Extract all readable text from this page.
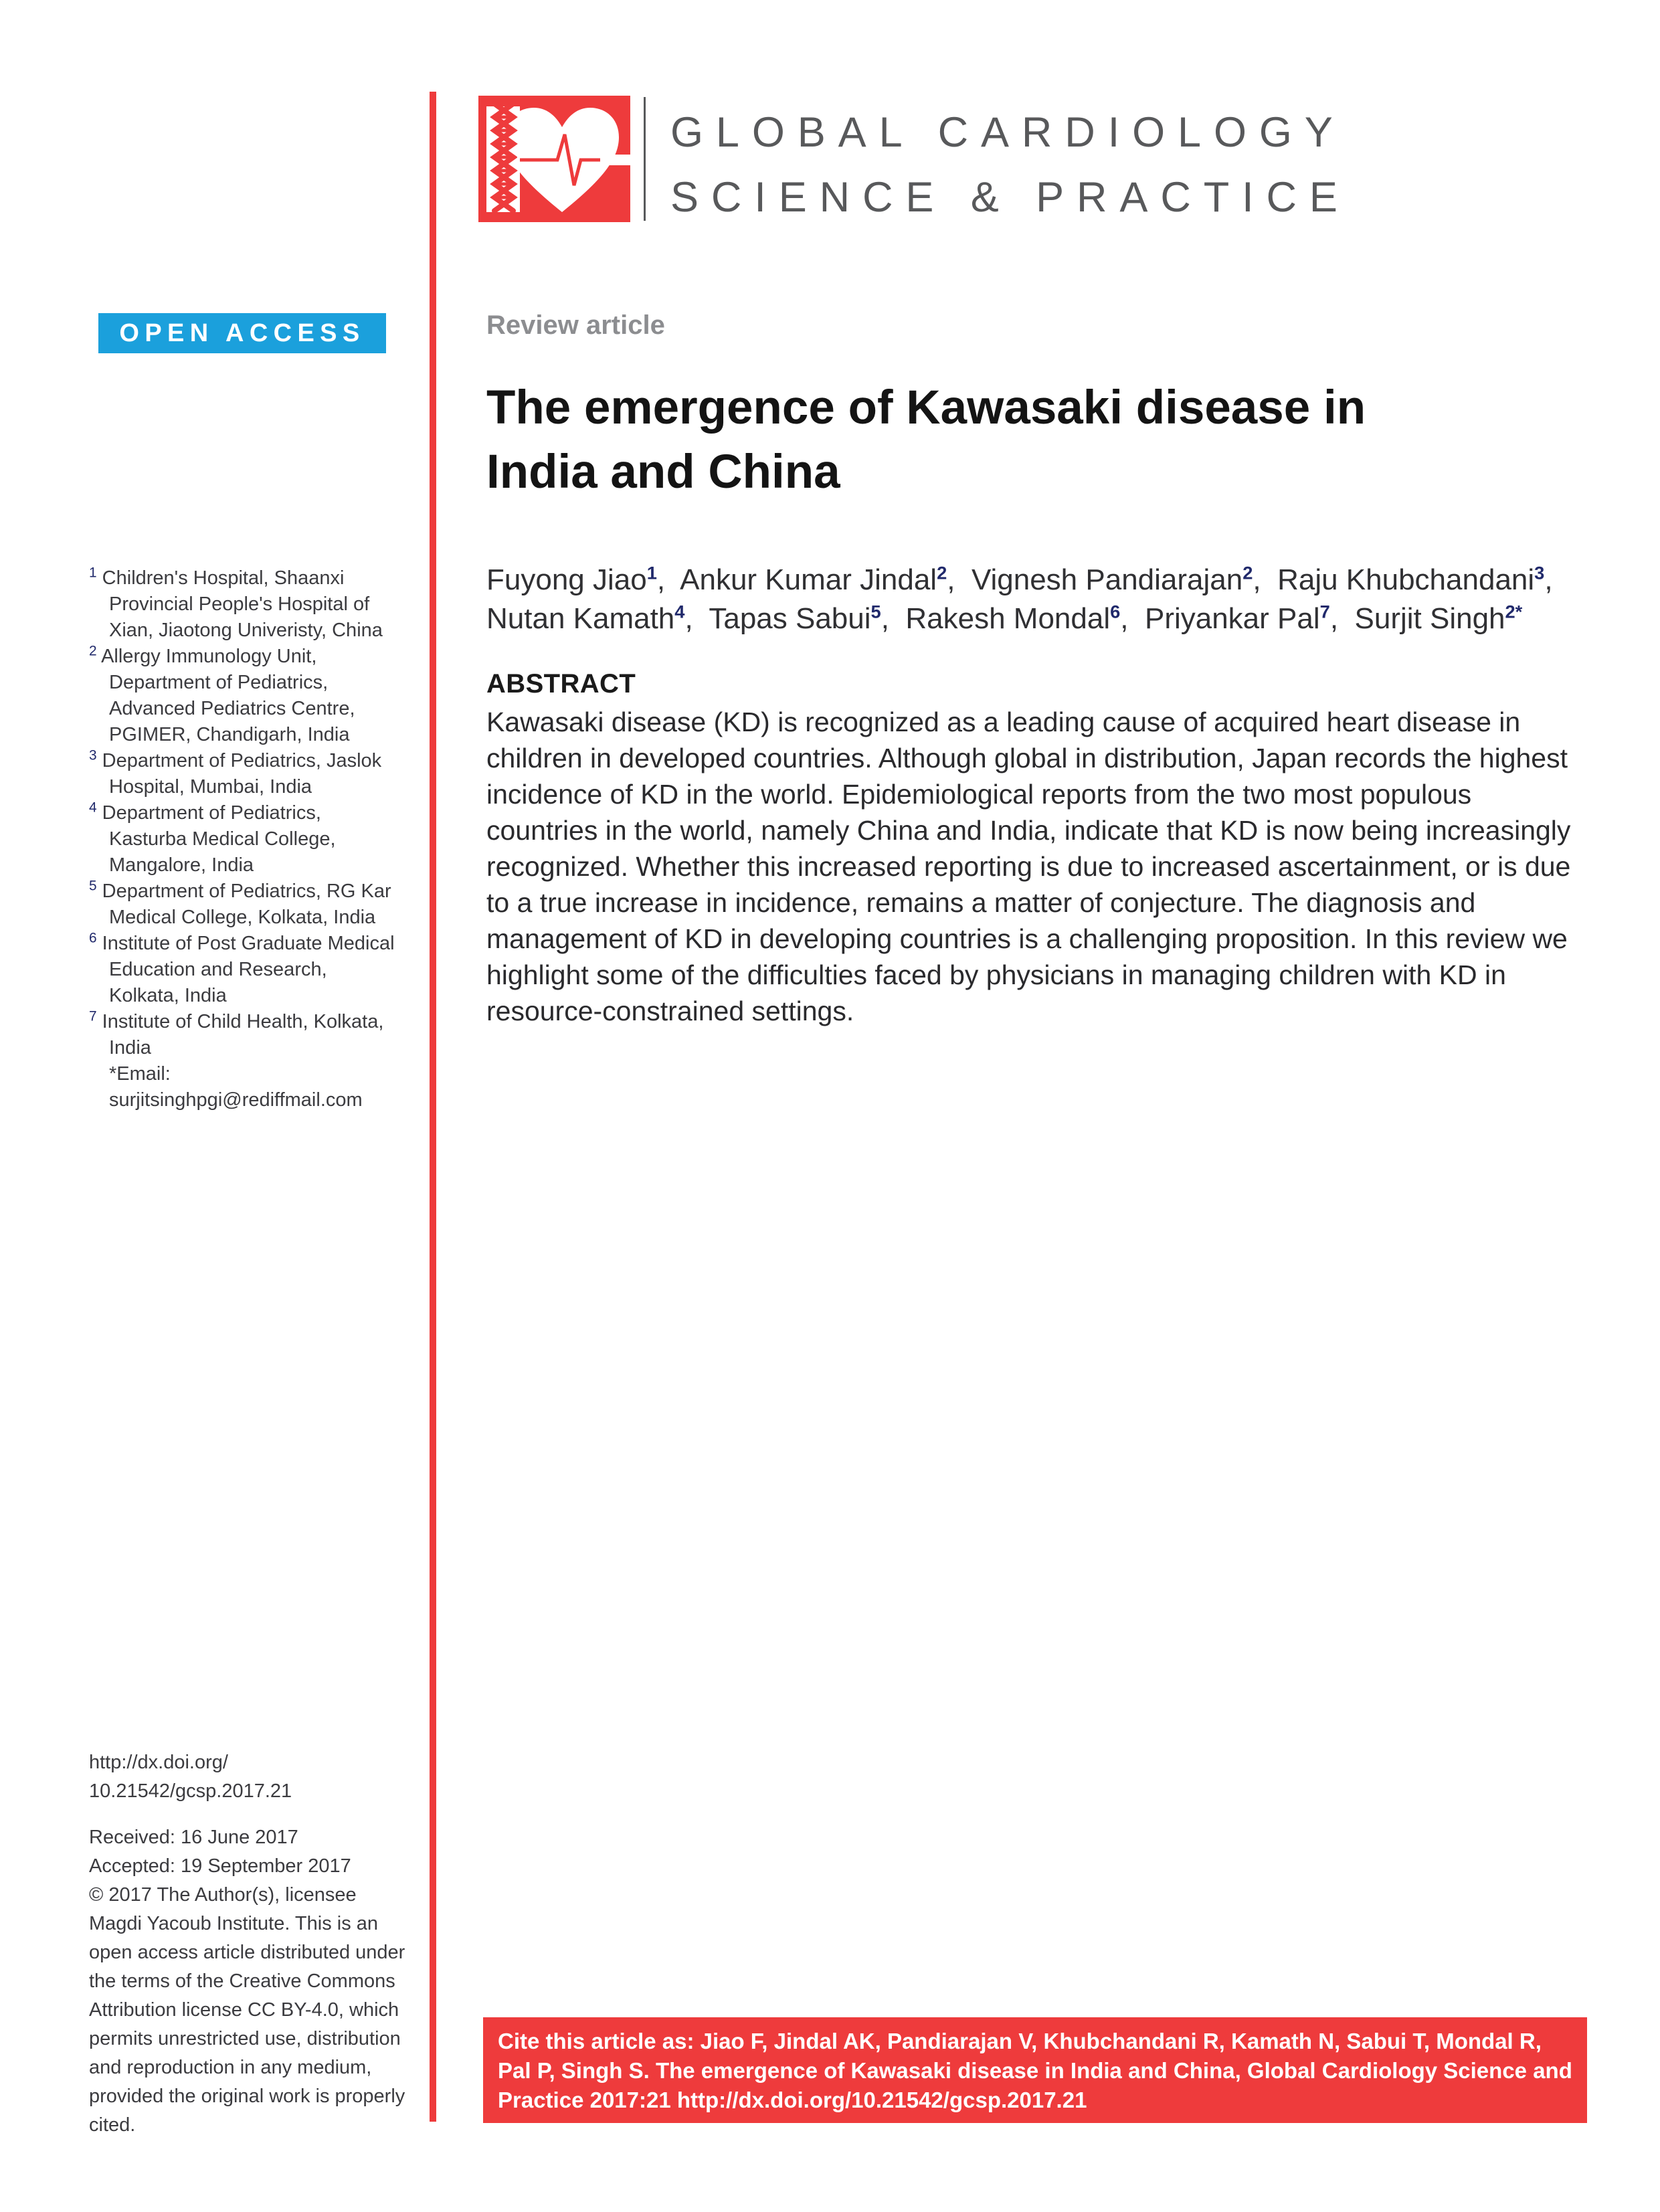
GLOBAL CARDIOLOGY
SCIENCE & PRACTICE
OPEN ACCESS	Review article
The emergence of Kawasaki disease in
India and China
Fuyong Jiao$^1$,  Ankur Kumar Jindal$^2$,  Vignesh Pandiarajan$^2$,  Raju Khubchandani$^3$,  Nutan Kamath$^4$,  Tapas Sabui$^5$,  Rakesh Mondal$^6$,  Priyankar Pal$^7$,  Surjit Singh$^{2*}$
ABSTRACT
Kawasaki disease (KD) is recognized as a leading cause of acquired heart disease in children in developed countries. Although global in distribution, Japan records the highest incidence of KD in the world. Epidemiological reports from the two most populous countries in the world, namely China and India, indicate that KD is now being increasingly recognized. Whether this increased reporting is due to increased ascertainment, or is due to a true increase in incidence, remains a matter of conjecture. The diagnosis and management of KD in developing countries is a challenging proposition. In this review we highlight some of the difficulties faced by physicians in managing children with KD in resource-constrained settings.
$^1$ Children's Hospital, Shaanxi Provincial People's Hospital of Xian, Jiaotong Univeristy, China
$^2$ Allergy Immunology Unit, Department of Pediatrics, Advanced Pediatrics Centre, PGIMER, Chandigarh, India
$^3$ Department of Pediatrics, Jaslok Hospital, Mumbai, India
$^4$ Department of Pediatrics, Kasturba Medical College, Mangalore, India
$^5$ Department of Pediatrics, RG Kar Medical College, Kolkata, India
$^6$ Institute of Post Graduate Medical Education and Research, Kolkata, India
$^7$ Institute of Child Health, Kolkata, India
*Email: surjitsinghpgi@rediffmail.com
http://dx.doi.org/
10.21542/gcsp.2017.21
Received: 16 June 2017
Accepted: 19 September 2017
© 2017 The Author(s), licensee Magdi Yacoub Institute. This is an open access article distributed under the terms of the Creative Commons Attribution license CC BY-4.0, which permits unrestricted use, distribution and reproduction in any medium, provided the original work is properly cited.
Cite this article as: Jiao F, Jindal AK, Pandiarajan V, Khubchandani R, Kamath N, Sabui T, Mondal R, Pal P, Singh S. The emergence of Kawasaki disease in India and China, Global Cardiology Science and Practice 2017:21 http://dx.doi.org/10.21542/gcsp.2017.21
